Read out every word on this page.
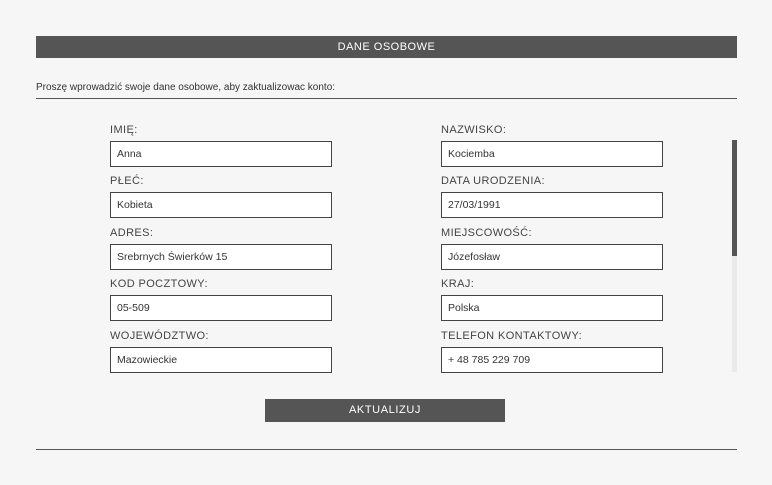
DANE OSOBOWE
Proszę wprowadzić swoje dane osobowe, aby zaktualizowac konto:
IMIĘ:
Anna	NAZWISKO:
Kociemba
PŁEĆ:
Kobieta	DATA URODZENIA:
27/03/1991
ADRES:
Srebrnych Świerków 15	MIEJSCOWOŚĆ:
Józefosław
KOD POCZTOWY:
05-509	KRAJ:
Polska
WOJEWÓDZTWO:
Mazowieckie	TELEFON KONTAKTOWY:
+ 48 785 229 709
AKTUALIZUJ
